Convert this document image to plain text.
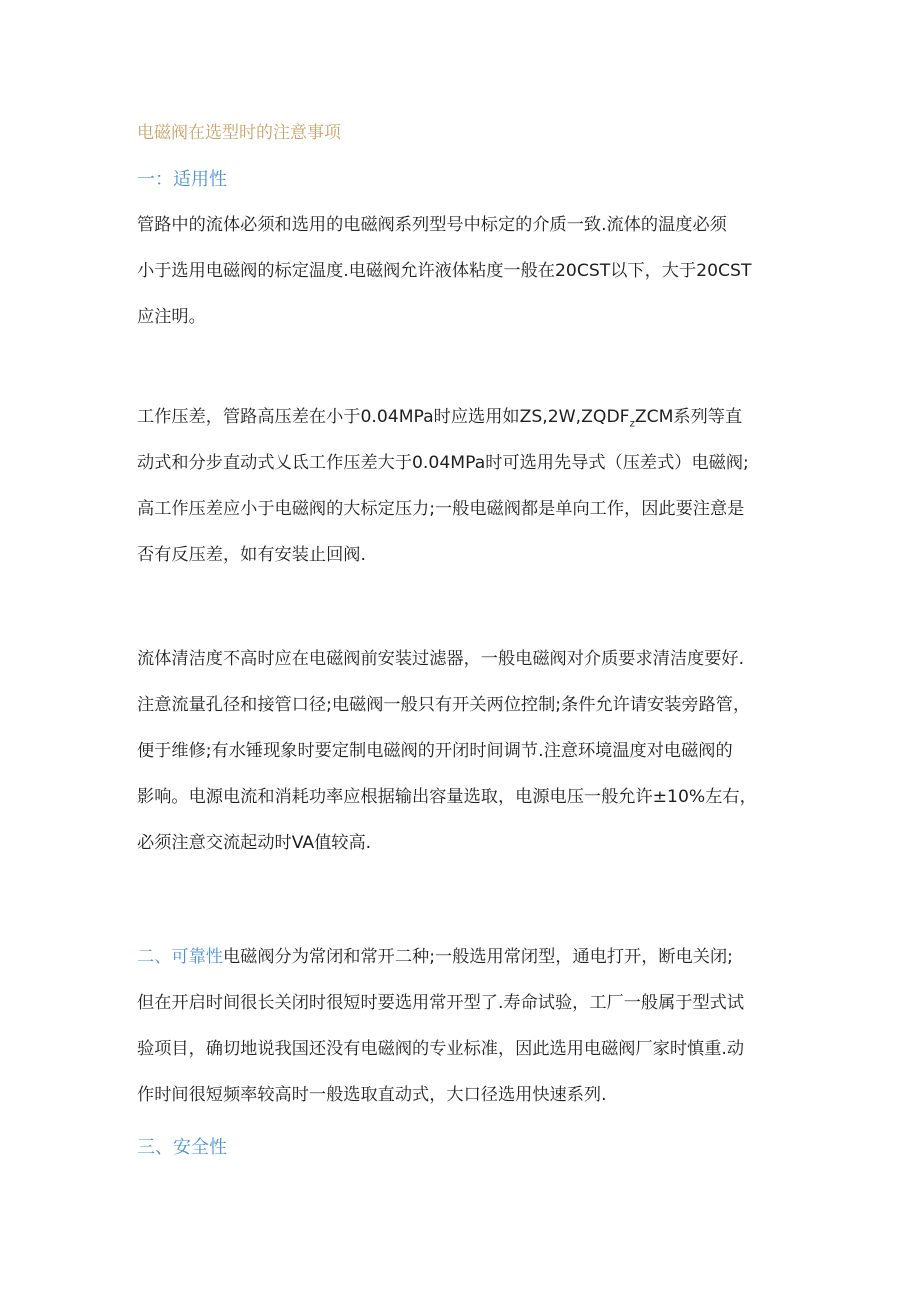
电磁阀在选型时的注意事项
一：适用性
管路中的流体必须和选用的电磁阀系列型号中标定的介质一致.流体的温度必须
小于选用电磁阀的标定温度.电磁阀允许液体粘度一般在20CST以下，大于20CST
应注明。
工作压差，管路高压差在小于0.04MPa时应选用如$ZS,2W,ZQDF_zZCM$系列等直
动式和分步直动式乂氐工作压差大于0.04MPa时可选用先导式（压差式）电磁阀;
高工作压差应小于电磁阀的大标定压力;一般电磁阀都是单向工作，因此要注意是
否有反压差，如有安装止回阀.
流体清洁度不高时应在电磁阀前安装过滤器，一般电磁阀对介质要求清洁度要好.
注意流量孔径和接管口径;电磁阀一般只有开关两位控制;条件允许请安装旁路管，
便于维修;有水锤现象时要定制电磁阀的开闭时间调节.注意环境温度对电磁阀的
影响。电源电流和消耗功率应根据输出容量选取，电源电压一般允许±10%左右，
必须注意交流起动时VA值较高.
二、可靠性电磁阀分为常闭和常开二种;一般选用常闭型，通电打开，断电关闭;
但在开启时间很长关闭时很短时要选用常开型了.寿命试验，工厂一般属于型式试
验项目，确切地说我国还没有电磁阀的专业标准，因此选用电磁阀厂家时慎重.动
作时间很短频率较高时一般选取直动式，大口径选用快速系列.
三、安全性
